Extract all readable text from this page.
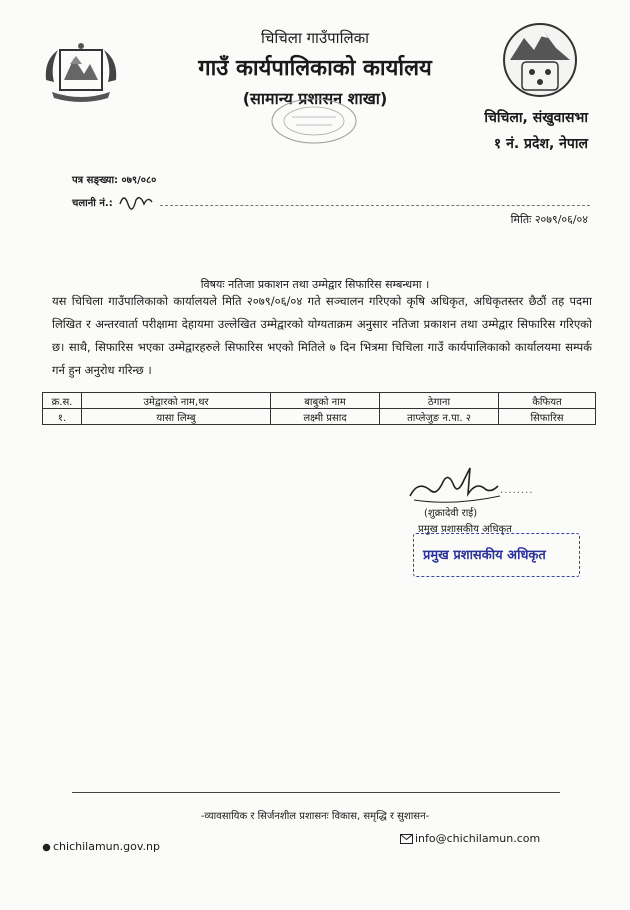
चिचिला गाउँपालिका
गाउँ कार्यपालिकाको कार्यालय
(सामान्य प्रशासन शाखा)
चिचिला, संखुवासभा
१ नं. प्रदेश, नेपाल
पत्र सङ्ख्या: ०७९/०८०
चलानी नं.:
मितिः २०७९/०६/०४
विषयः नतिजा प्रकाशन तथा उम्मेद्वार सिफारिस सम्बन्धमा ।
यस चिचिला गाउँपालिकाको कार्यालयले मिति २०७९/०६/०४ गते सञ्चालन गरिएको कृषि अधिकृत, अधिकृतस्तर छैठौं तह पदमा लिखित र अन्तरवार्ता परीक्षामा देहायमा उल्लेखित उम्मेद्वारको योग्यताक्रम अनुसार नतिजा प्रकाशन तथा उम्मेद्वार सिफारिस गरिएको छ। साथै, सिफारिस भएका उम्मेद्वारहरुले सिफारिस भएको मितिले ७ दिन भित्रमा चिचिला गाउँ कार्यपालिकाको कार्यालयमा सम्पर्क गर्न हुन अनुरोध गरिन्छ ।
क्र.स.	उमेद्वारको नाम,थर	बाबुको नाम	ठेगाना	कैफियत
१.	यासा लिम्बु	लक्ष्मी प्रसाद	ताप्लेजुङ न.पा. २	सिफारिस
........
(शुक्रादेवी राई)
प्रमुख प्रशासकीय अधिकृत
प्रमुख प्रशासकीय अधिकृत
-व्यावसायिक र सिर्जनशील प्रशासनः विकास, समृद्धि र सुशासन-
chichilamun.gov.np
info@chichilamun.com
